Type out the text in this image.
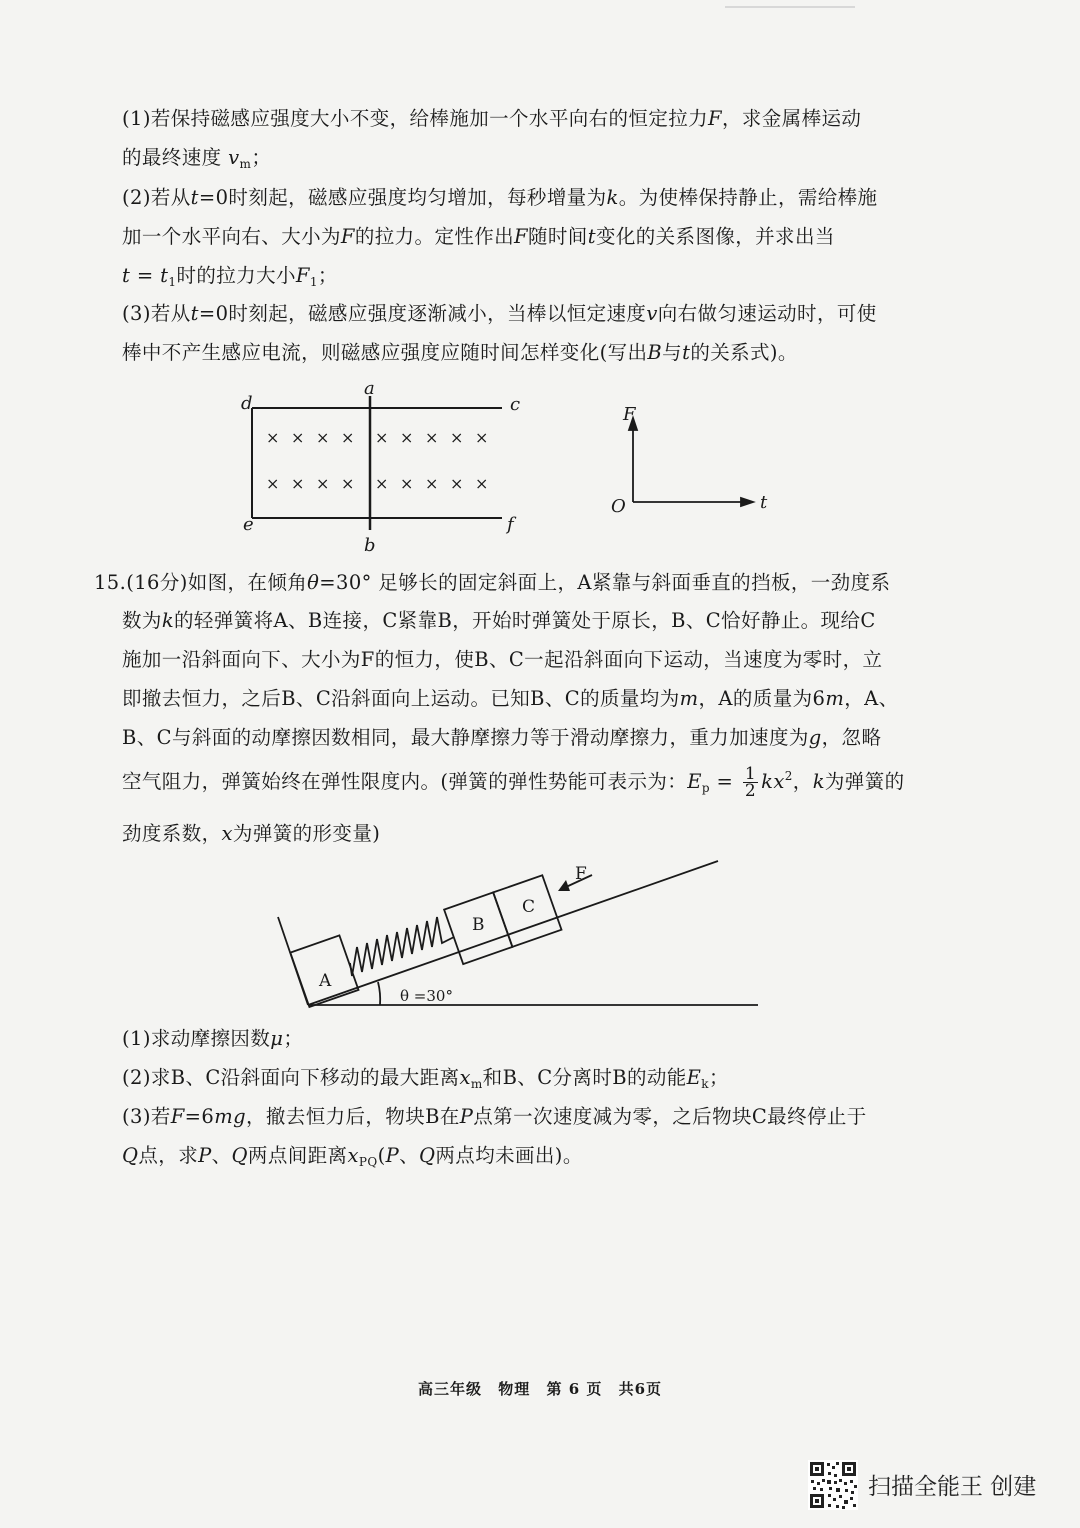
(1)若保持磁感应强度大小不变，给棒施加一个水平向右的恒定拉力F，求金属棒运动
的最终速度 $v_m$；
(2)若从t=0时刻起，磁感应强度均匀增加，每秒增量为k。为使棒保持静止，需给棒施
加一个水平向右、大小为F的拉力。定性作出F随时间t变化的关系图像，并求出当
$t = t_1$时的拉力大小$F_1$；
(3)若从t=0时刻起，磁感应强度逐渐减小，当棒以恒定速度v向右做匀速运动时，可使
棒中不产生感应电流，则磁感应强度应随时间怎样变化(写出B与t的关系式)。
d
a
c
e
b
f
× × × × × × × × ×
× × × × × × × × ×
F
t
O
15.(16分)如图，在倾角θ=30° 足够长的固定斜面上，A紧靠与斜面垂直的挡板，一劲度系
数为k的轻弹簧将A、B连接，C紧靠B，开始时弹簧处于原长，B、C恰好静止。现给C
施加一沿斜面向下、大小为F的恒力，使B、C一起沿斜面向下运动，当速度为零时，立
即撤去恒力，之后B、C沿斜面向上运动。已知B、C的质量均为m，A的质量为6m，A、
B、C与斜面的动摩擦因数相同，最大静摩擦力等于滑动摩擦力，重力加速度为g，忽略
空气阻力，弹簧始终在弹性限度内。(弹簧的弹性势能可表示为：$E_p = \frac{1}{2} kx^2$，k为弹簧的
劲度系数，x为弹簧的形变量)
A
B
C
F
θ =30°
(1)求动摩擦因数μ；
(2)求B、C沿斜面向下移动的最大距离$x_m$和B、C分离时B的动能$E_k$；
(3)若F=6mg，撤去恒力后，物块B在P点第一次速度减为零，之后物块C最终停止于
Q点，求P、Q两点间距离$x_{PQ}(P$、Q两点均未画出)。
高三年级 物理 第 6 页 共6页
扫描全能王 创建
